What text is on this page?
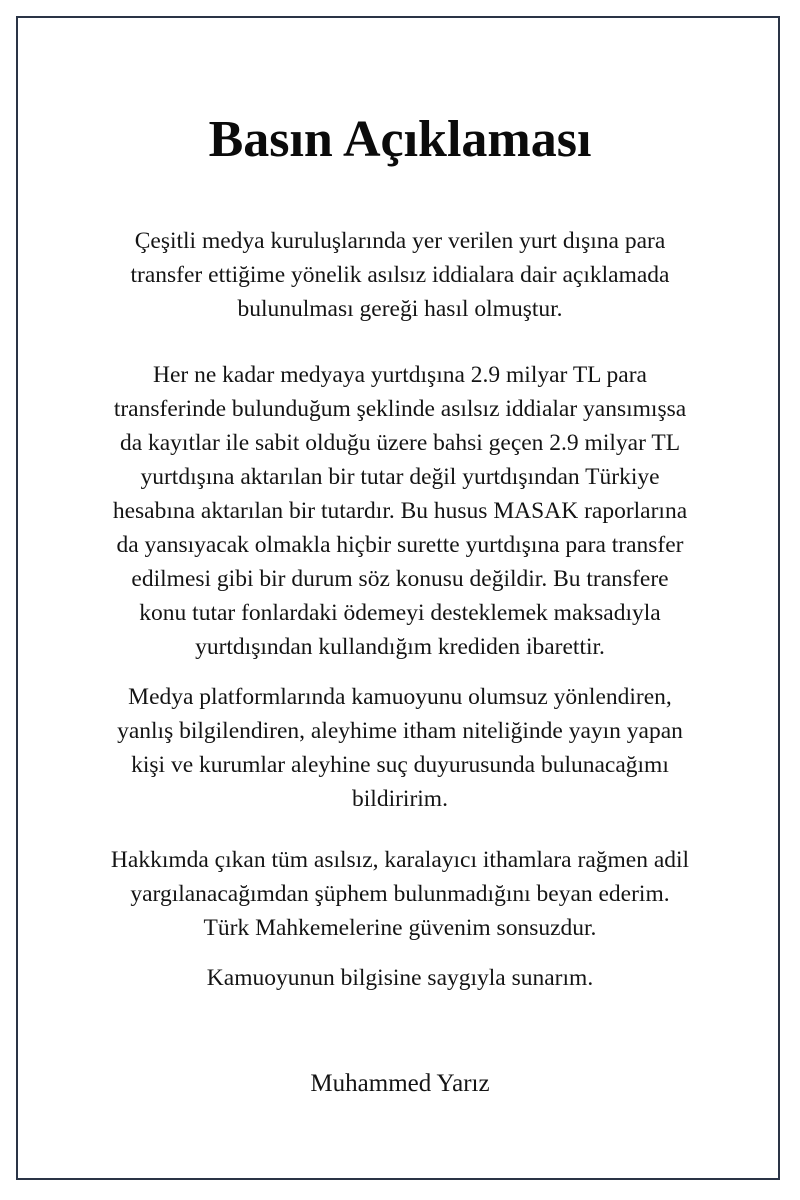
Basın Açıklaması

Çeşitli medya kuruluşlarında yer verilen yurt dışına para
transfer ettiğime yönelik asılsız iddialara dair açıklamada
bulunulması gereği hasıl olmuştur.

Her ne kadar medyaya yurtdışına 2.9 milyar TL para
transferinde bulunduğum şeklinde asılsız iddialar yansımışsa
da kayıtlar ile sabit olduğu üzere bahsi geçen 2.9 milyar TL
yurtdışına aktarılan bir tutar değil yurtdışından Türkiye
hesabına aktarılan bir tutardır. Bu husus MASAK raporlarına
da yansıyacak olmakla hiçbir surette yurtdışına para transfer
edilmesi gibi bir durum söz konusu değildir. Bu transfere
konu tutar fonlardaki ödemeyi desteklemek maksadıyla
yurtdışından kullandığım krediden ibarettir.

Medya platformlarında kamuoyunu olumsuz yönlendiren,
yanlış bilgilendiren, aleyhime itham niteliğinde yayın yapan
kişi ve kurumlar aleyhine suç duyurusunda bulunacağımı
bildiririm.

Hakkımda çıkan tüm asılsız, karalayıcı ithamlara rağmen adil
yargılanacağımdan şüphem bulunmadığını beyan ederim.
Türk Mahkemelerine güvenim sonsuzdur.

Kamuoyunun bilgisine saygıyla sunarım.

Muhammed Yarız
